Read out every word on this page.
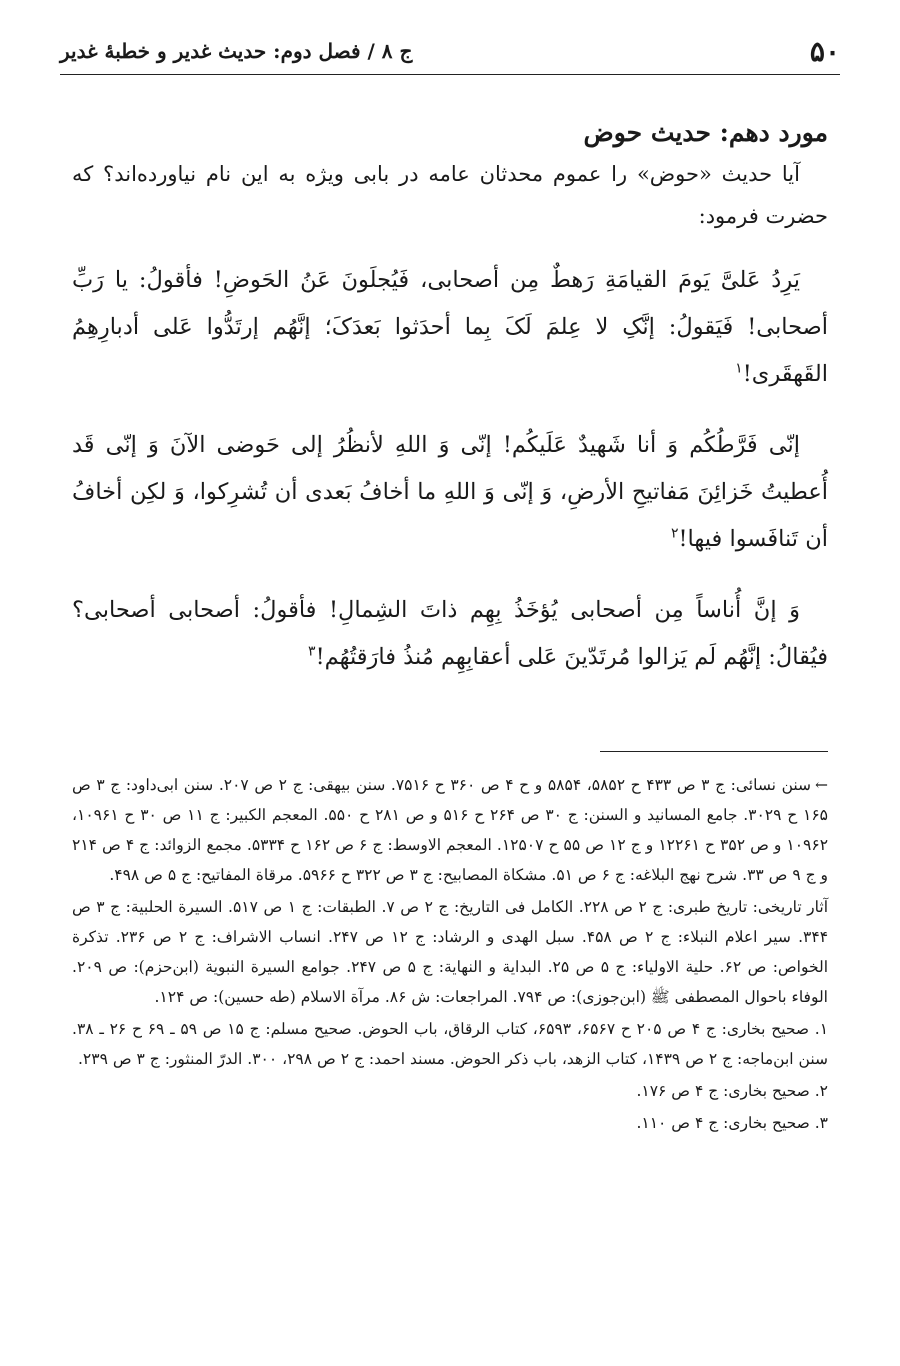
۵۰
ج ۸ / فصل دوم: حدیث غدیر و خطبهٔ غدیر
مورد دهم: حدیث حوض

آیا حدیث «حوض» را عموم محدثان عامه در بابی ویژه به این نام نیاورده‌اند؟ که حضرت فرمود:

یَرِدُ عَلیَّ یَومَ القیامَةِ رَهطٌ مِن أصحابی، فَیُجلَونَ عَنُ الحَوضِ! فأقولُ: یا رَبِّ أصحابی! فَیَقولُ: إنَّکِ لا عِلمَ لَکَ بِما أحدَثوا بَعدَکَ؛ إنَّهُم إرتَدُّوا عَلی أدبارِهِمُ القَهقَری!$^۱$

إنّی فَرَّطُکُم وَ أنا شَهیدٌ عَلَیکُم! إنّی وَ اللهِ لأنظُرُ إلی حَوضی الآنَ وَ إنّی قَد أُعطیتُ خَزائِنَ مَفاتیحِ الأرضِ، وَ إنّی وَ اللهِ ما أخافُ بَعدی أن تُشرِکوا، وَ لکِن أخافُ أن تَنافَسوا فیها!$^۲$

وَ إنَّ أُناساً مِن أصحابی یُؤخَذُ بِهِم ذاتَ الشِمالِ! فأقولُ: أصحابی أصحابی؟ فیُقالُ: إنَّهُم لَم یَزالوا مُرتَدّینَ عَلی أعقابِهِم مُنذُ فارَقتُهُم!$^۳$

←سنن نسائی: ج ۳ ص ۴۳۳ ح ۵۸۵۲، ۵۸۵۴ و ح ۴ ص ۳۶۰ ح ۷۵۱۶. سنن بیهقی: ج ۲ ص ۲۰۷. سنن ابی‌داود: ج ۳ ص ۱۶۵ ح ۳۰۲۹. جامع المسانید و السنن: ج ۳۰ ص ۲۶۴ ح ۵۱۶ و ص ۲۸۱ ح ۵۵۰. المعجم الکبیر: ج ۱۱ ص ۳۰ ح ۱۰۹۶۱، ۱۰۹۶۲ و ص ۳۵۲ ح ۱۲۲۶۱ و ج ۱۲ ص ۵۵ ح ۱۲۵۰۷. المعجم الاوسط: ج ۶ ص ۱۶۲ ح ۵۳۳۴. مجمع الزوائد: ج ۴ ص ۲۱۴ و ج ۹ ص ۳۳. شرح نهج البلاغه: ج ۶ ص ۵۱. مشکاة المصابیح: ج ۳ ص ۳۲۲ ح ۵۹۶۶. مرقاة المفاتیح: ج ۵ ص ۴۹۸.

آثار تاریخی: تاریخ طبری: ج ۲ ص ۲۲۸. الکامل فی التاریخ: ج ۲ ص ۷. الطبقات: ج ۱ ص ۵۱۷. السیرة الحلبیة: ج ۳ ص ۳۴۴. سیر اعلام النبلاء: ج ۲ ص ۴۵۸. سبل الهدی و الرشاد: ج ۱۲ ص ۲۴۷. انساب الاشراف: ج ۲ ص ۲۳۶. تذکرة الخواص: ص ۶۲. حلیة الاولیاء: ج ۵ ص ۲۵. البدایة و النهایة: ج ۵ ص ۲۴۷. جوامع السیرة النبویة (ابن‌حزم): ص ۲۰۹. الوفاء باحوال المصطفی ﷺ (ابن‌جوزی): ص ۷۹۴. المراجعات: ش ۸۶. مرآة الاسلام (طه حسین): ص ۱۲۴.

۱. صحیح بخاری: ج ۴ ص ۲۰۵ ح ۶۵۶۷، ۶۵۹۳، کتاب الرقاق، باب الحوض. صحیح مسلم: ج ۱۵ ص ۵۹ ـ ۶۹ ح ۲۶ ـ ۳۸. سنن ابن‌ماجه: ج ۲ ص ۱۴۳۹، کتاب الزهد، باب ذکر الحوض. مسند احمد: ج ۲ ص ۲۹۸، ۳۰۰. الدرّ المنثور: ج ۳ ص ۲۳۹.

۲. صحیح بخاری: ج ۴ ص ۱۷۶.

۳. صحیح بخاری: ج ۴ ص ۱۱۰.
